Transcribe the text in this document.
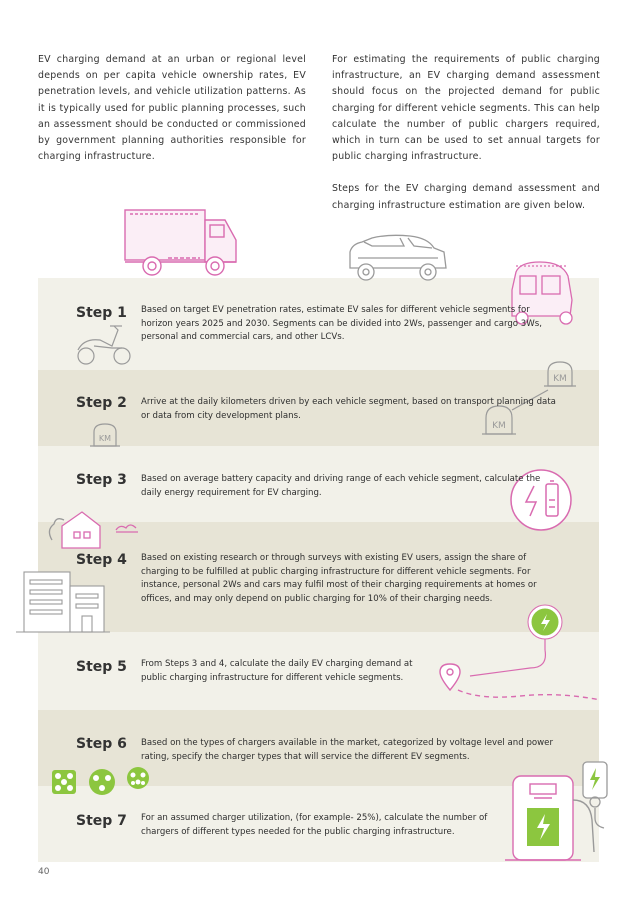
EV charging demand at an urban or regional level depends on per capita vehicle ownership rates, EV penetration levels, and vehicle utilization patterns. As it is typically used for public planning processes, such an assessment should be conducted or commissioned by government planning authorities responsible for charging infrastructure.

For estimating the requirements of public charging infrastructure, an EV charging demand assessment should focus on the projected demand for public charging for different vehicle segments. This can help calculate the number of public chargers required, which in turn can be used to set annual targets for public charging infrastructure.

Steps for the EV charging demand assessment and charging infrastructure estimation are given below.

KM
KM
KM
Step 1 Based on target EV penetration rates, estimate EV sales for different vehicle segments for horizon years 2025 and 2030. Segments can be divided into 2Ws, passenger and cargo 3Ws, personal and commercial cars, and other LCVs.
Step 2 Arrive at the daily kilometers driven by each vehicle segment, based on transport planning data or data from city development plans.
Step 3 Based on average battery capacity and driving range of each vehicle segment, calculate the daily energy requirement for EV charging.
Step 4 Based on existing research or through surveys with existing EV users, assign the share of charging to be fulfilled at public charging infrastructure for different vehicle segments. For instance, personal 2Ws and cars may fulfil most of their charging requirements at homes or offices, and may only depend on public charging for 10% of their charging needs.
Step 5 From Steps 3 and 4, calculate the daily EV charging demand at public charging infrastructure for different vehicle segments.
Step 6 Based on the types of chargers available in the market, categorized by voltage level and power rating, specify the charger types that will service the different EV segments.
Step 7 For an assumed charger utilization, (for example- 25%), calculate the number of chargers of different types needed for the public charging infrastructure.
40
